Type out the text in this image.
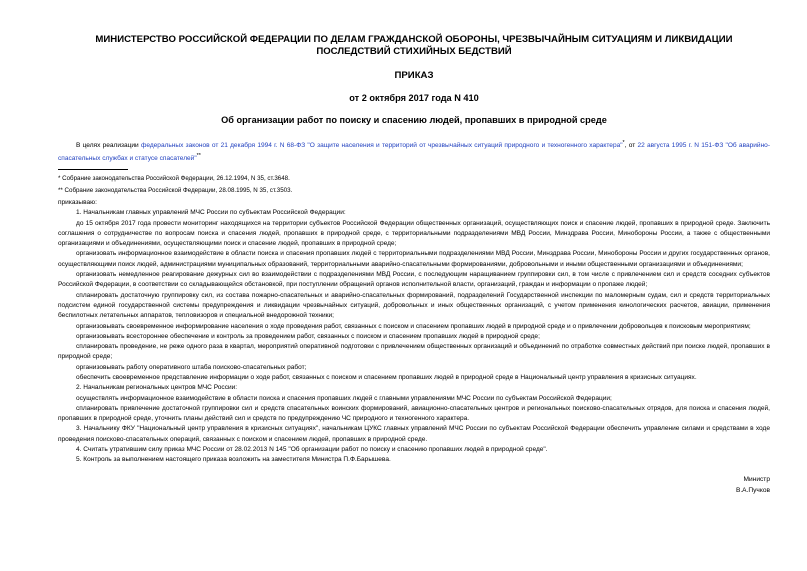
МИНИСТЕРСТВО РОССИЙСКОЙ ФЕДЕРАЦИИ ПО ДЕЛАМ ГРАЖДАНСКОЙ ОБОРОНЫ, ЧРЕЗВЫЧАЙНЫМ СИТУАЦИЯМ И ЛИКВИДАЦИИ ПОСЛЕДСТВИЙ СТИХИЙНЫХ БЕДСТВИЙ
ПРИКАЗ
от 2 октября 2017 года N 410
Об организации работ по поиску и спасению людей, пропавших в природной среде

В целях реализации федеральных законов от 21 декабря 1994 г. N 68-ФЗ "О защите населения и территорий от чрезвычайных ситуаций природного и техногенного характера"*, от 22 августа 1995 г. N 151-ФЗ "Об аварийно-спасательных службах и статусе спасателей"**

* Собрание законодательства Российской Федерации, 26.12.1994, N 35, ст.3648.

** Собрание законодательства Российской Федерации, 28.08.1995, N 35, ст.3503.

приказываю:

1. Начальникам главных управлений МЧС России по субъектам Российской Федерации:

до 15 октября 2017 года провести мониторинг находящихся на территории субъектов Российской Федерации общественных организаций, осуществляющих поиск и спасение людей, пропавших в природной среде. Заключить соглашения о сотрудничестве по вопросам поиска и спасения людей, пропавших в природной среде, с территориальными подразделениями МВД России, Минздрава России, Минобороны России, а также с общественными организациями и объединениями, осуществляющими поиск и спасение людей, пропавших в природной среде;

организовать информационное взаимодействие в области поиска и спасения пропавших людей с территориальными подразделениями МВД России, Минздрава России, Минобороны России и других государственных органов, осуществляющими поиск людей, администрациями муниципальных образований, территориальными аварийно-спасательными формированиями, добровольными и иными общественными организациями и объединениями;

организовать немедленное реагирование дежурных сил во взаимодействии с подразделениями МВД России, с последующим наращиванием группировки сил, в том числе с привлечением сил и средств соседних субъектов Российской Федерации, в соответствии со складывающейся обстановкой, при поступлении обращений органов исполнительной власти, организаций, граждан и информации о пропаже людей;

спланировать достаточную группировку сил, из состава пожарно-спасательных и аварийно-спасательных формирований, подразделений Государственной инспекции по маломерным судам, сил и средств территориальных подсистем единой государственной системы предупреждения и ликвидации чрезвычайных ситуаций, добровольных и иных общественных организаций, с учетом применения кинологических расчетов, авиации, применения беспилотных летательных аппаратов, тепловизоров и специальной внедорожной техники;

организовывать своевременное информирование населения о ходе проведения работ, связанных с поиском и спасением пропавших людей в природной среде и о привлечении добровольцев к поисковым мероприятиям;

организовывать всестороннее обеспечение и контроль за проведением работ, связанных с поиском и спасением пропавших людей в природной среде;

спланировать проведение, не реже одного раза в квартал, мероприятий оперативной подготовки с привлечением общественных организаций и объединений по отработке совместных действий при поиске людей, пропавших в природной среде;

организовывать работу оперативного штаба поисково-спасательных работ;

обеспечить своевременное представление информации о ходе работ, связанных с поиском и спасением пропавших людей в природной среде в Национальный центр управления в кризисных ситуациях.

2. Начальникам региональных центров МЧС России:

осуществлять информационное взаимодействие в области поиска и спасения пропавших людей с главными управлениями МЧС России по субъектам Российской Федерации;

спланировать привлечение достаточной группировки сил и средств спасательных воинских формирований, авиационно-спасательных центров и региональных поисково-спасательных отрядов, для поиска и спасения людей, пропавших в природной среде, уточнить планы действий сил и средств по предупреждению ЧС природного и техногенного характера.

3. Начальнику ФКУ "Национальный центр управления в кризисных ситуациях", начальникам ЦУКС главных управлений МЧС России по субъектам Российской Федерации обеспечить управление силами и средствами в ходе проведения поисково-спасательных операций, связанных с поиском и спасением людей, пропавших в природной среде.

4. Считать утратившим силу приказ МЧС России от 28.02.2013 N 145 "Об организации работ по поиску и спасению пропавших людей в природной среде".

5. Контроль за выполнением настоящего приказа возложить на заместителя Министра П.Ф.Барышева.

Министр
В.А.Пучков
